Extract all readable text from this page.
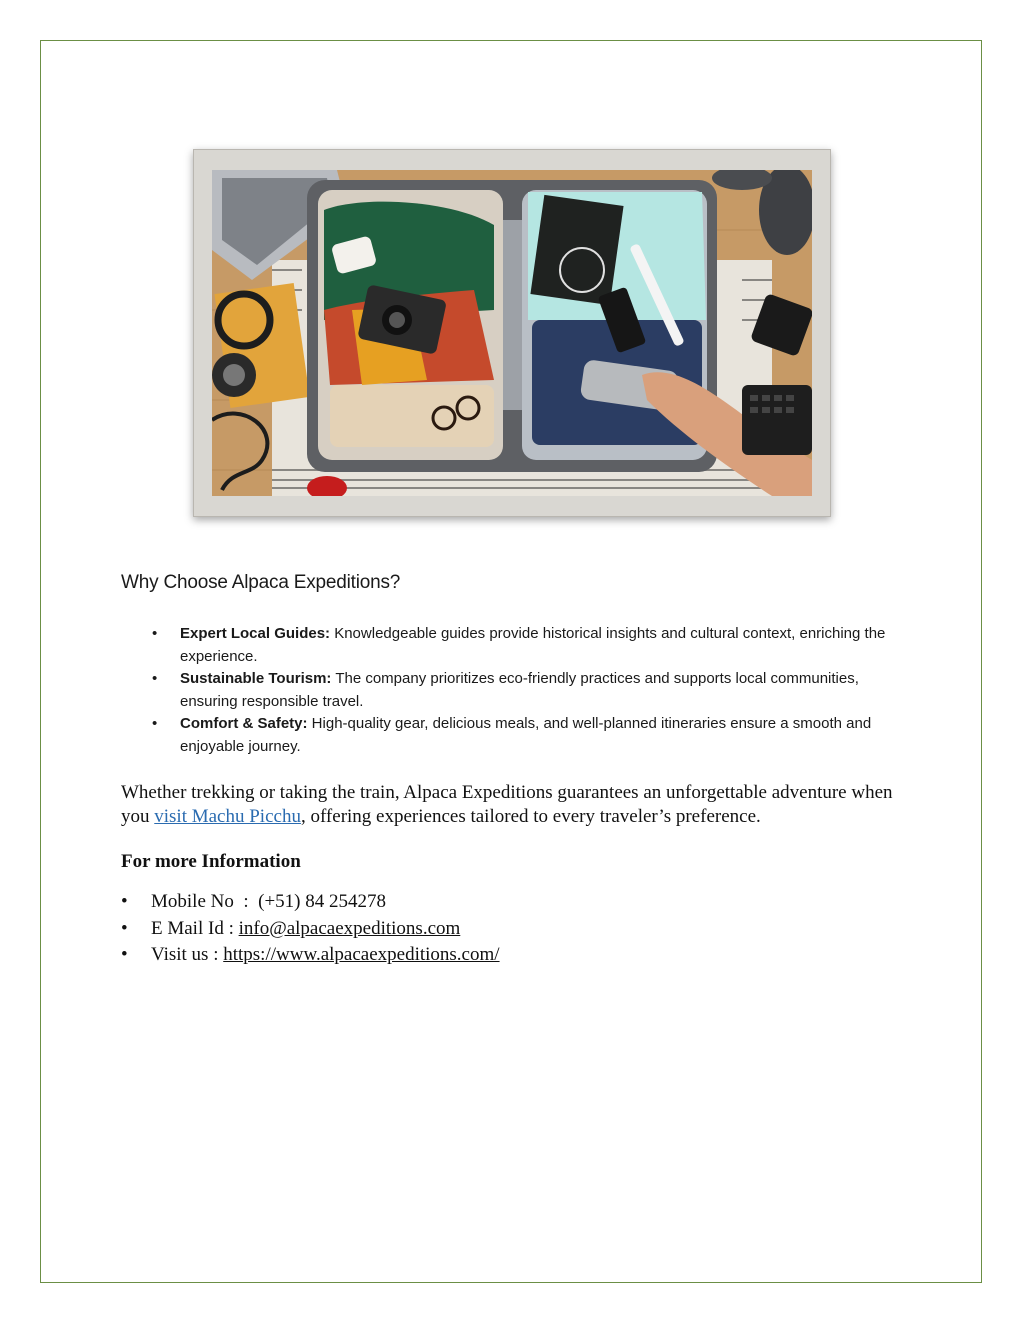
Why Choose Alpaca Expeditions?
• Expert Local Guides: Knowledgeable guides provide historical insights and cultural context, enriching the experience.
• Sustainable Tourism: The company prioritizes eco-friendly practices and supports local communities, ensuring responsible travel.
• Comfort & Safety: High-quality gear, delicious meals, and well-planned itineraries ensure a smooth and enjoyable journey.
Whether trekking or taking the train, Alpaca Expeditions guarantees an unforgettable adventure when you visit Machu Picchu, offering experiences tailored to every traveler’s preference.
For more Information
• Mobile No  :  (+51) 84 254278
• E Mail Id : info@alpacaexpeditions.com
• Visit us : https://www.alpacaexpeditions.com/
